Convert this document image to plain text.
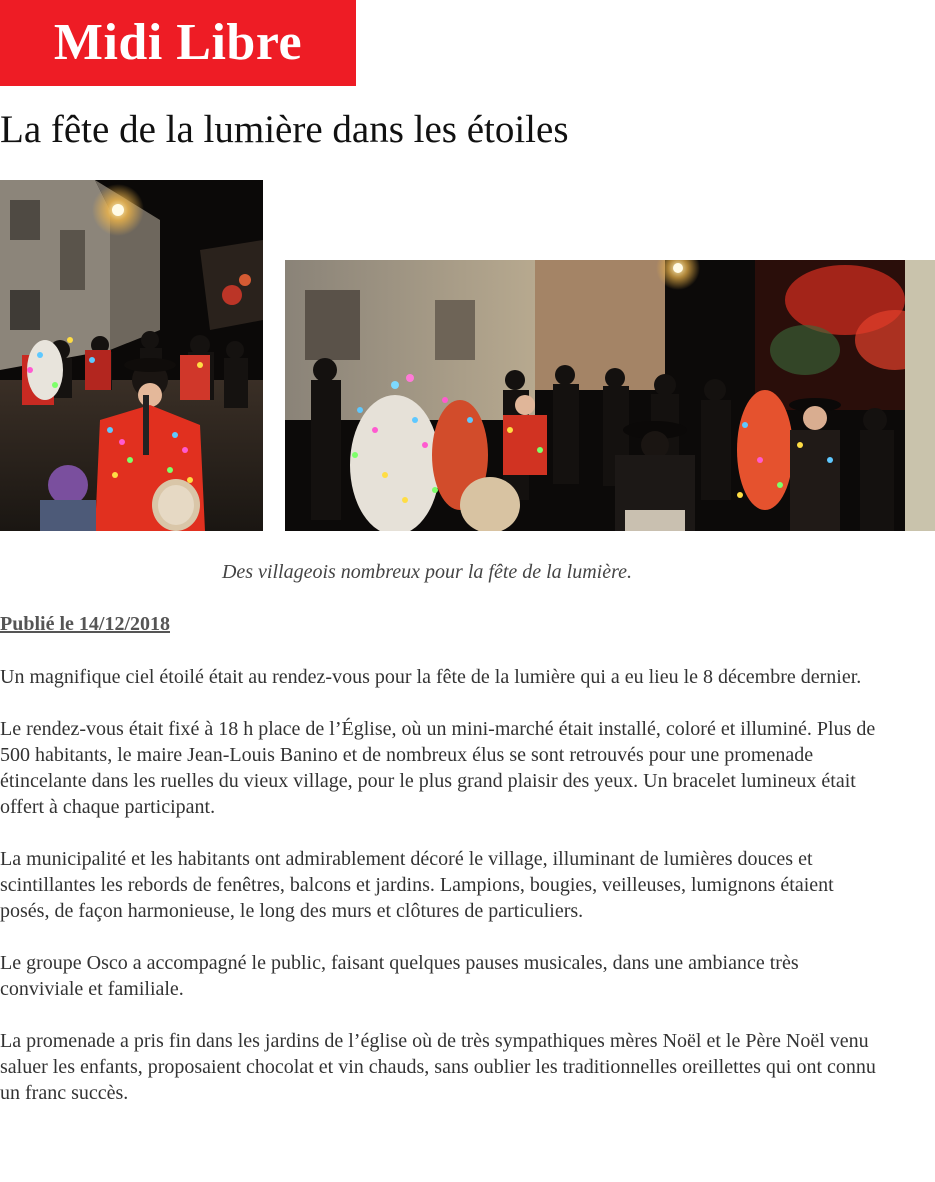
Midi Libre
La fête de la lumière dans les étoiles
Des villageois nombreux pour la fête de la lumière.
Publié le 14/12/2018

Un magnifique ciel étoilé était au rendez-vous pour la fête de la lumière qui a eu lieu le 8 décembre dernier.

Le rendez-vous était fixé à 18 h place de l’Église, où un mini-marché était installé, coloré et illuminé. Plus de 500 habitants, le maire Jean-Louis Banino et de nombreux élus se sont retrouvés pour une promenade étincelante dans les ruelles du vieux village, pour le plus grand plaisir des yeux. Un bracelet lumineux était offert à chaque participant.

La municipalité et les habitants ont admirablement décoré le village, illuminant de lumières douces et scintillantes les rebords de fenêtres, balcons et jardins. Lampions, bougies, veilleuses, lumignons étaient posés, de façon harmonieuse, le long des murs et clôtures de particuliers.

Le groupe Osco a accompagné le public, faisant quelques pauses musicales, dans une ambiance très conviviale et familiale.

La promenade a pris fin dans les jardins de l’église où de très sympathiques mères Noël et le Père Noël venu saluer les enfants, proposaient chocolat et vin chauds, sans oublier les traditionnelles oreillettes qui ont connu un franc succès.
